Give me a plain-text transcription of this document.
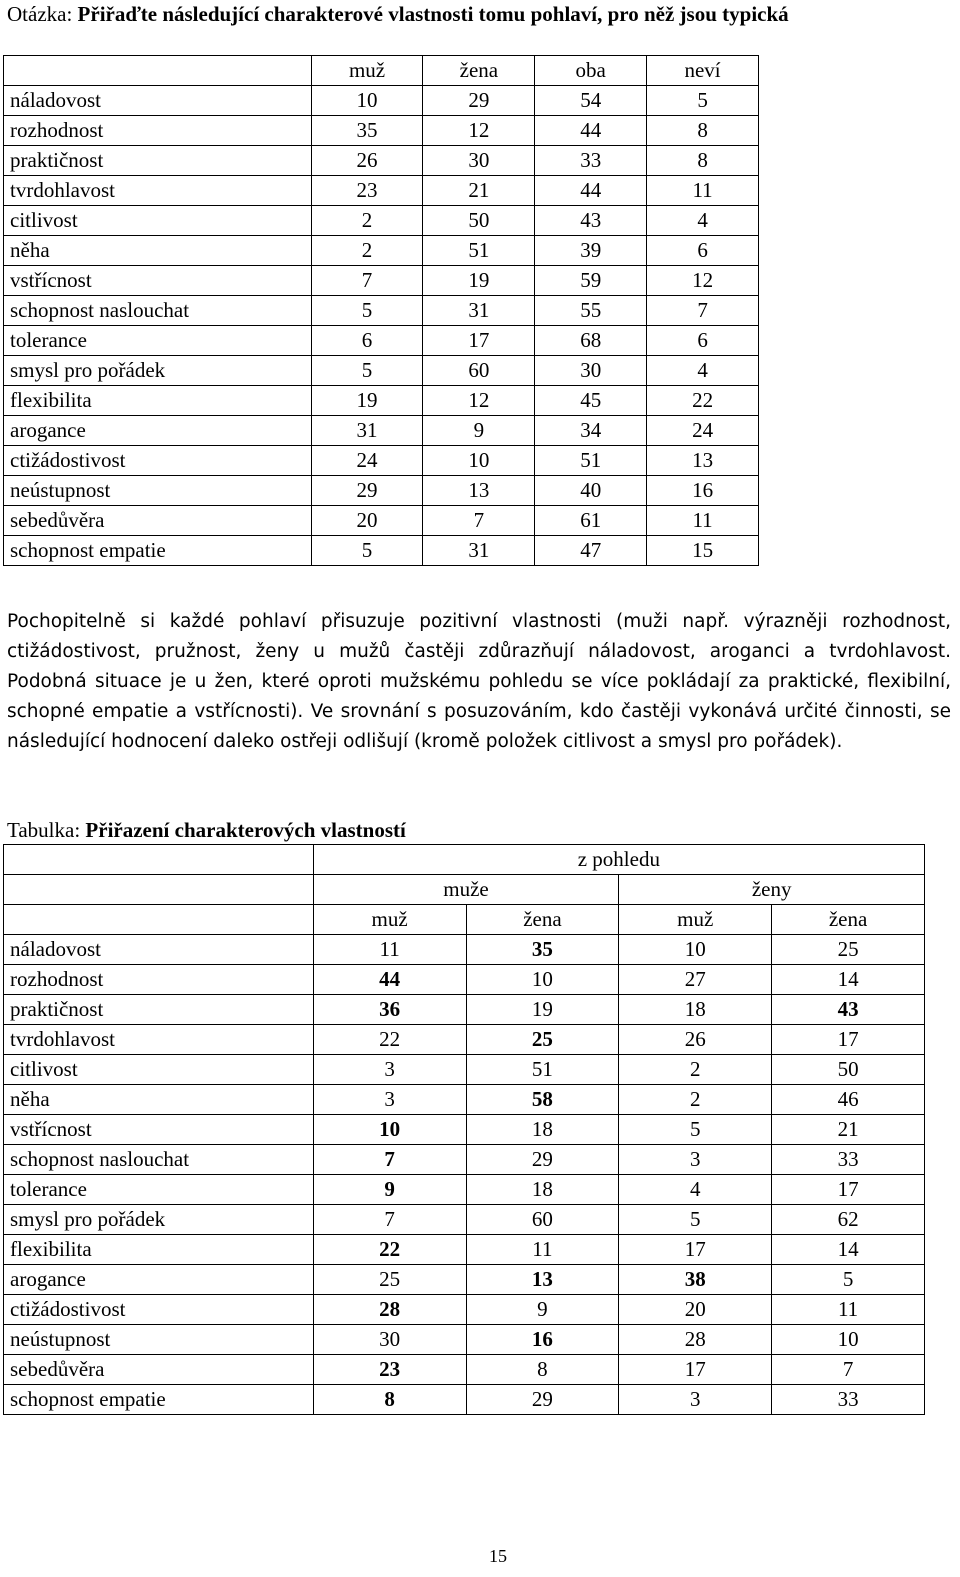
Otázka: Přiřaďte následující charakterové vlastnosti tomu pohlaví, pro něž jsou typická
	muž	žena	oba	neví
náladovost	10	29	54	5
rozhodnost	35	12	44	8
praktičnost	26	30	33	8
tvrdohlavost	23	21	44	11
citlivost	2	50	43	4
něha	2	51	39	6
vstřícnost	7	19	59	12
schopnost naslouchat	5	31	55	7
tolerance	6	17	68	6
smysl pro pořádek	5	60	30	4
flexibilita	19	12	45	22
arogance	31	9	34	24
ctižádostivost	24	10	51	13
neústupnost	29	13	40	16
sebedůvěra	20	7	61	11
schopnost empatie	5	31	47	15
Pochopitelně si každé pohlaví přisuzuje pozitivní vlastnosti (muži např. výrazněji rozhodnost, ctižádostivost, pružnost, ženy u mužů častěji zdůrazňují náladovost, aroganci a tvrdohlavost. Podobná situace je u žen, které oproti mužskému pohledu se více pokládají za praktické, flexibilní, schopné empatie a vstřícnosti). Ve srovnání s posuzováním, kdo častěji vykonává určité činnosti, se následující hodnocení daleko ostřeji odlišují (kromě položek citlivost a smysl pro pořádek).
Tabulka: Přiřazení charakterových vlastností
	z pohledu			
	muže		ženy	
	muž	žena	muž	žena
náladovost	11	35	10	25
rozhodnost	44	10	27	14
praktičnost	36	19	18	43
tvrdohlavost	22	25	26	17
citlivost	3	51	2	50
něha	3	58	2	46
vstřícnost	10	18	5	21
schopnost naslouchat	7	29	3	33
tolerance	9	18	4	17
smysl pro pořádek	7	60	5	62
flexibilita	22	11	17	14
arogance	25	13	38	5
ctižádostivost	28	9	20	11
neústupnost	30	16	28	10
sebedůvěra	23	8	17	7
schopnost empatie	8	29	3	33
15
